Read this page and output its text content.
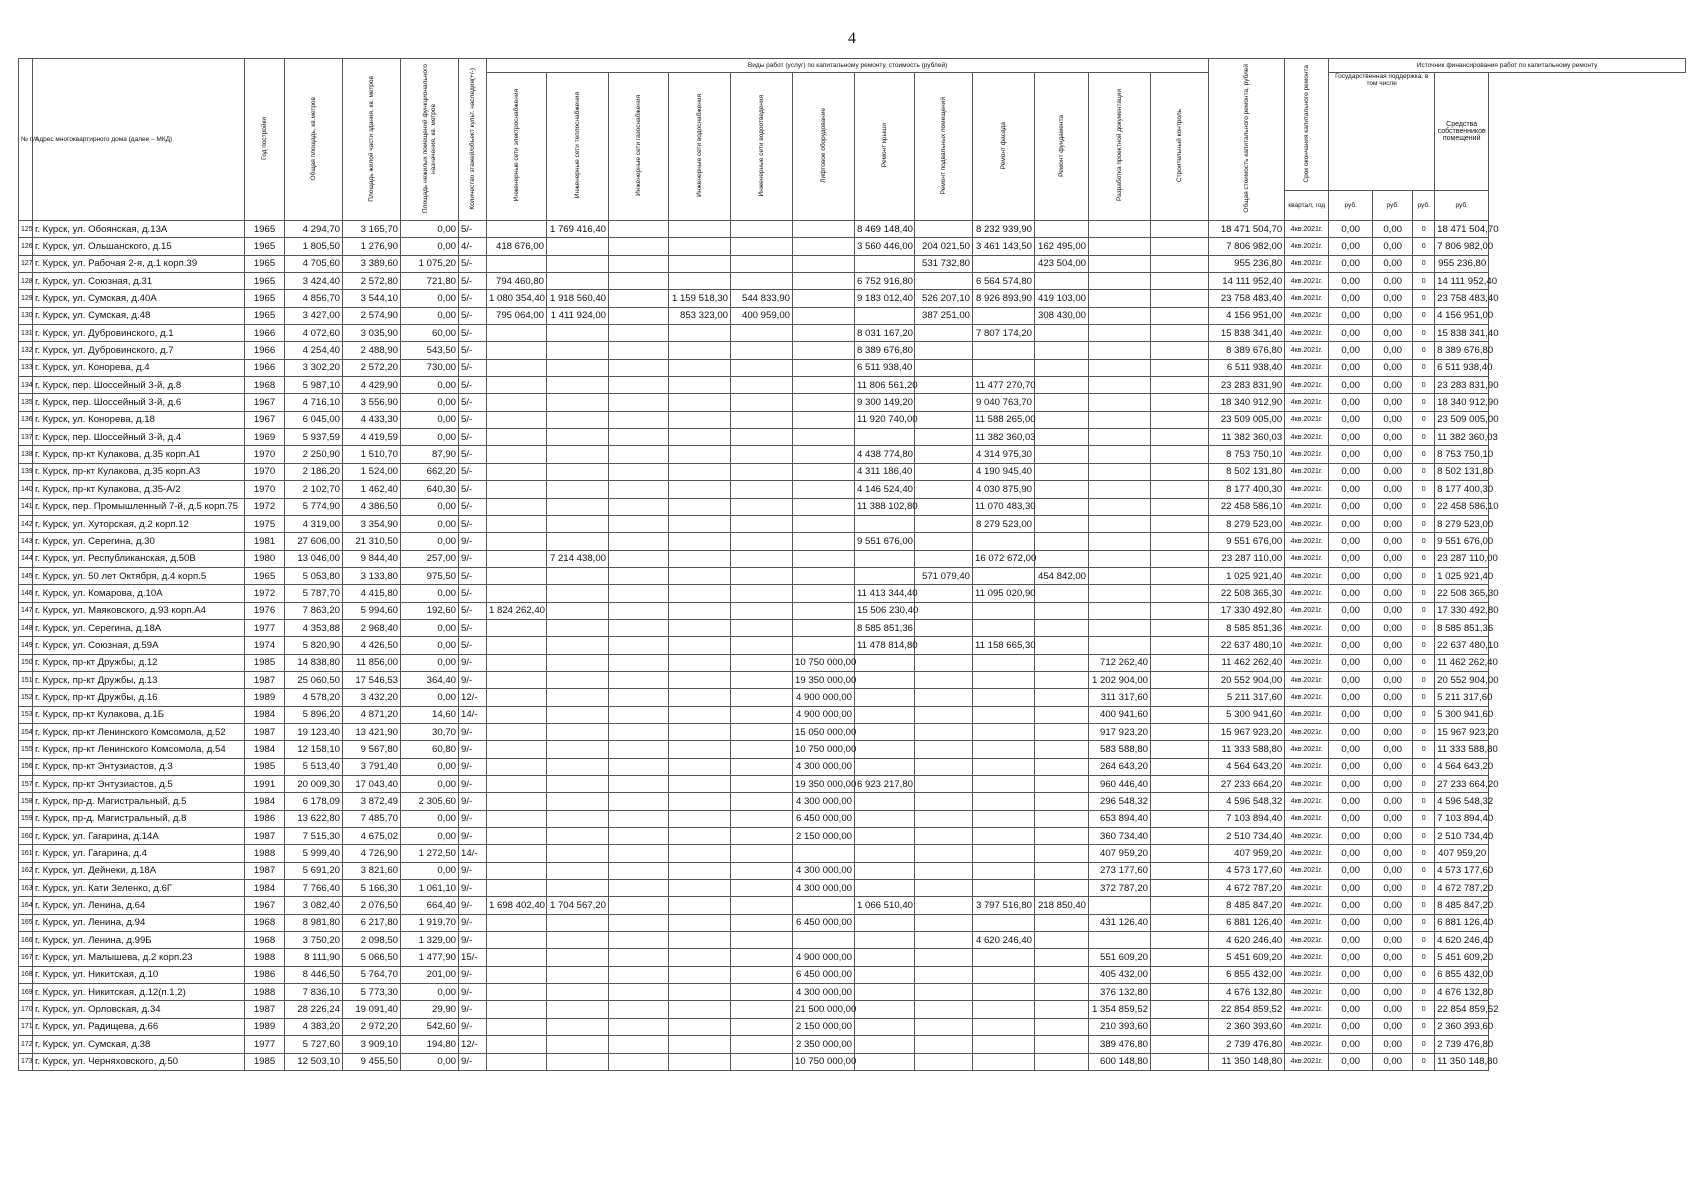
4
№ п/п	Адрес многоквартирного дома (далее – МКД)	Год постройки	Общая площадь, кв.метров	Площадь жилой части здания, кв. метров	Площадь нежилых помещений функционального назначения, кв. метров	Количество этажей/объект культ. наследия(+/-)	Виды работ (услуг) по капитальному ремонту, стоимость (рублей)												Общая стоимость капитального ремонта, рублей	Срок окончания капитального ремонта	Источник финансирования работ по капитальному ремонту			
							Инженерные сети электроснабжения	Инженерные сети теплоснабжения	Инженерные сети газоснабжения	Инженерные сети водоснабжения	Инженерные сети водоотведения	Лифтовое оборудование	Ремонт крыши	Ремонт подвальных помещений	Ремонт фасада	Ремонт фундамента	Разработка проектной документации	Строительный контроль			Государственная поддержка, в том числе			Средства собственников помещений
																				квартал, год	руб.	руб.	руб.	руб.
125	г. Курск, ул. Обоянская, д.13А	1965	4 294,70	3 165,70	0,00	5/-		1 769 416,40					8 469 148,40		8 232 939,90				18 471 504,70	4кв.2021г.	0,00	0,00	0	18 471 504,70
126	г. Курск, ул. Ольшанского, д.15	1965	1 805,50	1 276,90	0,00	4/-	418 676,00						3 560 446,00	204 021,50	3 461 143,50	162 495,00			7 806 982,00	4кв.2021г.	0,00	0,00	0	7 806 982,00
127	г. Курск, ул. Рабочая 2-я, д.1 корп.39	1965	4 705,60	3 389,60	1 075,20	5/-								531 732,80		423 504,00			955 236,80	4кв.2021г.	0,00	0,00	0	955 236,80
128	г. Курск, ул. Союзная, д.31	1965	3 424,40	2 572,80	721,80	5/-	794 460,80						6 752 916,80		6 564 574,80				14 111 952,40	4кв.2021г.	0,00	0,00	0	14 111 952,40
129	г. Курск, ул. Сумская, д.40А	1965	4 856,70	3 544,10	0,00	5/-	1 080 354,40	1 918 560,40		1 159 518,30	544 833,90		9 183 012,40	526 207,10	8 926 893,90	419 103,00			23 758 483,40	4кв.2021г.	0,00	0,00	0	23 758 483,40
130	г. Курск, ул. Сумская, д.48	1965	3 427,00	2 574,90	0,00	5/-	795 064,00	1 411 924,00		853 323,00	400 959,00			387 251,00		308 430,00			4 156 951,00	4кв.2021г.	0,00	0,00	0	4 156 951,00
131	г. Курск, ул. Дубровинского, д.1	1966	4 072,60	3 035,90	60,00	5/-							8 031 167,20		7 807 174,20				15 838 341,40	4кв.2021г.	0,00	0,00	0	15 838 341,40
132	г. Курск, ул. Дубровинского, д.7	1966	4 254,40	2 488,90	543,50	5/-							8 389 676,80						8 389 676,80	4кв.2021г.	0,00	0,00	0	8 389 676,80
133	г. Курск, ул. Конорева, д.4	1966	3 302,20	2 572,20	730,00	5/-							6 511 938,40						6 511 938,40	4кв.2021г.	0,00	0,00	0	6 511 938,40
134	г. Курск, пер. Шоссейный 3-й, д.8	1968	5 987,10	4 429,90	0,00	5/-							11 806 561,20		11 477 270,70				23 283 831,90	4кв.2021г.	0,00	0,00	0	23 283 831,90
135	г. Курск, пер. Шоссейный 3-й, д.6	1967	4 716,10	3 556,90	0,00	5/-							9 300 149,20		9 040 763,70				18 340 912,90	4кв.2021г.	0,00	0,00	0	18 340 912,90
136	г. Курск, ул. Конорева, д.18	1967	6 045,00	4 433,30	0,00	5/-							11 920 740,00		11 588 265,00				23 509 005,00	4кв.2021г.	0,00	0,00	0	23 509 005,00
137	г. Курск, пер. Шоссейный 3-й, д.4	1969	5 937,59	4 419,59	0,00	5/-									11 382 360,03				11 382 360,03	4кв.2021г.	0,00	0,00	0	11 382 360,03
138	г. Курск, пр-кт Кулакова, д.35 корп.А1	1970	2 250,90	1 510,70	87,90	5/-							4 438 774,80		4 314 975,30				8 753 750,10	4кв.2021г.	0,00	0,00	0	8 753 750,10
139	г. Курск, пр-кт Кулакова, д.35 корп.А3	1970	2 186,20	1 524,00	662,20	5/-							4 311 186,40		4 190 945,40				8 502 131,80	4кв.2021г.	0,00	0,00	0	8 502 131,80
140	г. Курск, пр-кт Кулакова, д.35-А/2	1970	2 102,70	1 462,40	640,30	5/-							4 146 524,40		4 030 875,90				8 177 400,30	4кв.2021г.	0,00	0,00	0	8 177 400,30
141	г. Курск, пер. Промышленный 7-й, д.5 корп.75	1972	5 774,90	4 386,50	0,00	5/-							11 388 102,80		11 070 483,30				22 458 586,10	4кв.2021г.	0,00	0,00	0	22 458 586,10
142	г. Курск, ул. Хуторская, д.2 корп.12	1975	4 319,00	3 354,90	0,00	5/-									8 279 523,00				8 279 523,00	4кв.2021г.	0,00	0,00	0	8 279 523,00
143	г. Курск, ул. Серегина, д.30	1981	27 606,00	21 310,50	0,00	9/-							9 551 676,00						9 551 676,00	4кв.2021г.	0,00	0,00	0	9 551 676,00
144	г. Курск, ул. Республиканская, д.50В	1980	13 046,00	9 844,40	257,00	9/-		7 214 438,00							16 072 672,00				23 287 110,00	4кв.2021г.	0,00	0,00	0	23 287 110,00
145	г. Курск, ул. 50 лет Октября, д.4 корп.5	1965	5 053,80	3 133,80	975,50	5/-								571 079,40		454 842,00			1 025 921,40	4кв.2021г.	0,00	0,00	0	1 025 921,40
146	г. Курск, ул. Комарова, д.10А	1972	5 787,70	4 415,80	0,00	5/-							11 413 344,40		11 095 020,90				22 508 365,30	4кв.2021г.	0,00	0,00	0	22 508 365,30
147	г. Курск, ул. Маяковского, д.93 корп.А4	1976	7 863,20	5 994,60	192,60	5/-	1 824 262,40						15 506 230,40						17 330 492,80	4кв.2021г.	0,00	0,00	0	17 330 492,80
148	г. Курск, ул. Серегина, д.18А	1977	4 353,88	2 968,40	0,00	5/-							8 585 851,36						8 585 851,36	4кв.2021г.	0,00	0,00	0	8 585 851,36
149	г. Курск, ул. Союзная, д.59А	1974	5 820,90	4 426,50	0,00	5/-							11 478 814,80		11 158 665,30				22 637 480,10	4кв.2021г.	0,00	0,00	0	22 637 480,10
150	г. Курск, пр-кт Дружбы, д.12	1985	14 838,80	11 856,00	0,00	9/-						10 750 000,00					712 262,40		11 462 262,40	4кв.2021г.	0,00	0,00	0	11 462 262,40
151	г. Курск, пр-кт Дружбы, д.13	1987	25 060,50	17 546,53	364,40	9/-						19 350 000,00					1 202 904,00		20 552 904,00	4кв.2021г.	0,00	0,00	0	20 552 904,00
152	г. Курск, пр-кт Дружбы, д.16	1989	4 578,20	3 432,20	0,00	12/-						4 900 000,00					311 317,60		5 211 317,60	4кв.2021г.	0,00	0,00	0	5 211 317,60
153	г. Курск, пр-кт Кулакова, д.1Б	1984	5 896,20	4 871,20	14,60	14/-						4 900 000,00					400 941,60		5 300 941,60	4кв.2021г.	0,00	0,00	0	5 300 941,60
154	г. Курск, пр-кт Ленинского Комсомола, д.52	1987	19 123,40	13 421,90	30,70	9/-						15 050 000,00					917 923,20		15 967 923,20	4кв.2021г.	0,00	0,00	0	15 967 923,20
155	г. Курск, пр-кт Ленинского Комсомола, д.54	1984	12 158,10	9 567,80	60,80	9/-						10 750 000,00					583 588,80		11 333 588,80	4кв.2021г.	0,00	0,00	0	11 333 588,80
156	г. Курск, пр-кт Энтузиастов, д.3	1985	5 513,40	3 791,40	0,00	9/-						4 300 000,00					264 643,20		4 564 643,20	4кв.2021г.	0,00	0,00	0	4 564 643,20
157	г. Курск, пр-кт Энтузиастов, д.5	1991	20 009,30	17 043,40	0,00	9/-						19 350 000,00	6 923 217,80				960 446,40		27 233 664,20	4кв.2021г.	0,00	0,00	0	27 233 664,20
158	г. Курск, пр-д. Магистральный, д.5	1984	6 178,09	3 872,49	2 305,60	9/-						4 300 000,00					296 548,32		4 596 548,32	4кв.2021г.	0,00	0,00	0	4 596 548,32
159	г. Курск, пр-д. Магистральный, д.8	1986	13 622,80	7 485,70	0,00	9/-						6 450 000,00					653 894,40		7 103 894,40	4кв.2021г.	0,00	0,00	0	7 103 894,40
160	г. Курск, ул. Гагарина, д.14А	1987	7 515,30	4 675,02	0,00	9/-						2 150 000,00					360 734,40		2 510 734,40	4кв.2021г.	0,00	0,00	0	2 510 734,40
161	г. Курск, ул. Гагарина, д.4	1988	5 999,40	4 726,90	1 272,50	14/-											407 959,20		407 959,20	4кв.2021г.	0,00	0,00	0	407 959,20
162	г. Курск, ул. Дейнеки, д.18А	1987	5 691,20	3 821,60	0,00	9/-						4 300 000,00					273 177,60		4 573 177,60	4кв.2021г.	0,00	0,00	0	4 573 177,60
163	г. Курск, ул. Кати Зеленко, д.6Г	1984	7 766,40	5 166,30	1 061,10	9/-						4 300 000,00					372 787,20		4 672 787,20	4кв.2021г.	0,00	0,00	0	4 672 787,20
164	г. Курск, ул. Ленина, д.64	1967	3 082,40	2 076,50	664,40	9/-	1 698 402,40	1 704 567,20					1 066 510,40		3 797 516,80	218 850,40			8 485 847,20	4кв.2021г.	0,00	0,00	0	8 485 847,20
165	г. Курск, ул. Ленина, д.94	1968	8 981,80	6 217,80	1 919,70	9/-						6 450 000,00					431 126,40		6 881 126,40	4кв.2021г.	0,00	0,00	0	6 881 126,40
166	г. Курск, ул. Ленина, д.99Б	1968	3 750,20	2 098,50	1 329,00	9/-									4 620 246,40				4 620 246,40	4кв.2021г.	0,00	0,00	0	4 620 246,40
167	г. Курск, ул. Малышева, д.2 корп.23	1988	8 111,90	5 066,50	1 477,90	15/-						4 900 000,00					551 609,20		5 451 609,20	4кв.2021г.	0,00	0,00	0	5 451 609,20
168	г. Курск, ул. Никитская, д.10	1986	8 446,50	5 764,70	201,00	9/-						6 450 000,00					405 432,00		6 855 432,00	4кв.2021г.	0,00	0,00	0	6 855 432,00
169	г. Курск, ул. Никитская, д.12(п.1,2)	1988	7 836,10	5 773,30	0,00	9/-						4 300 000,00					376 132,80		4 676 132,80	4кв.2021г.	0,00	0,00	0	4 676 132,80
170	г. Курск, ул. Орловская, д.34	1987	28 226,24	19 091,40	29,90	9/-						21 500 000,00					1 354 859,52		22 854 859,52	4кв.2021г.	0,00	0,00	0	22 854 859,52
171	г. Курск, ул. Радищева, д.66	1989	4 383,20	2 972,20	542,60	9/-						2 150 000,00					210 393,60		2 360 393,60	4кв.2021г.	0,00	0,00	0	2 360 393,60
172	г. Курск, ул. Сумская, д.38	1977	5 727,60	3 909,10	194,80	12/-						2 350 000,00					389 476,80		2 739 476,80	4кв.2021г.	0,00	0,00	0	2 739 476,80
173	г. Курск, ул. Черняховского, д.50	1985	12 503,10	9 455,50	0,00	9/-						10 750 000,00					600 148,80		11 350 148,80	4кв.2021г.	0,00	0,00	0	11 350 148,80
